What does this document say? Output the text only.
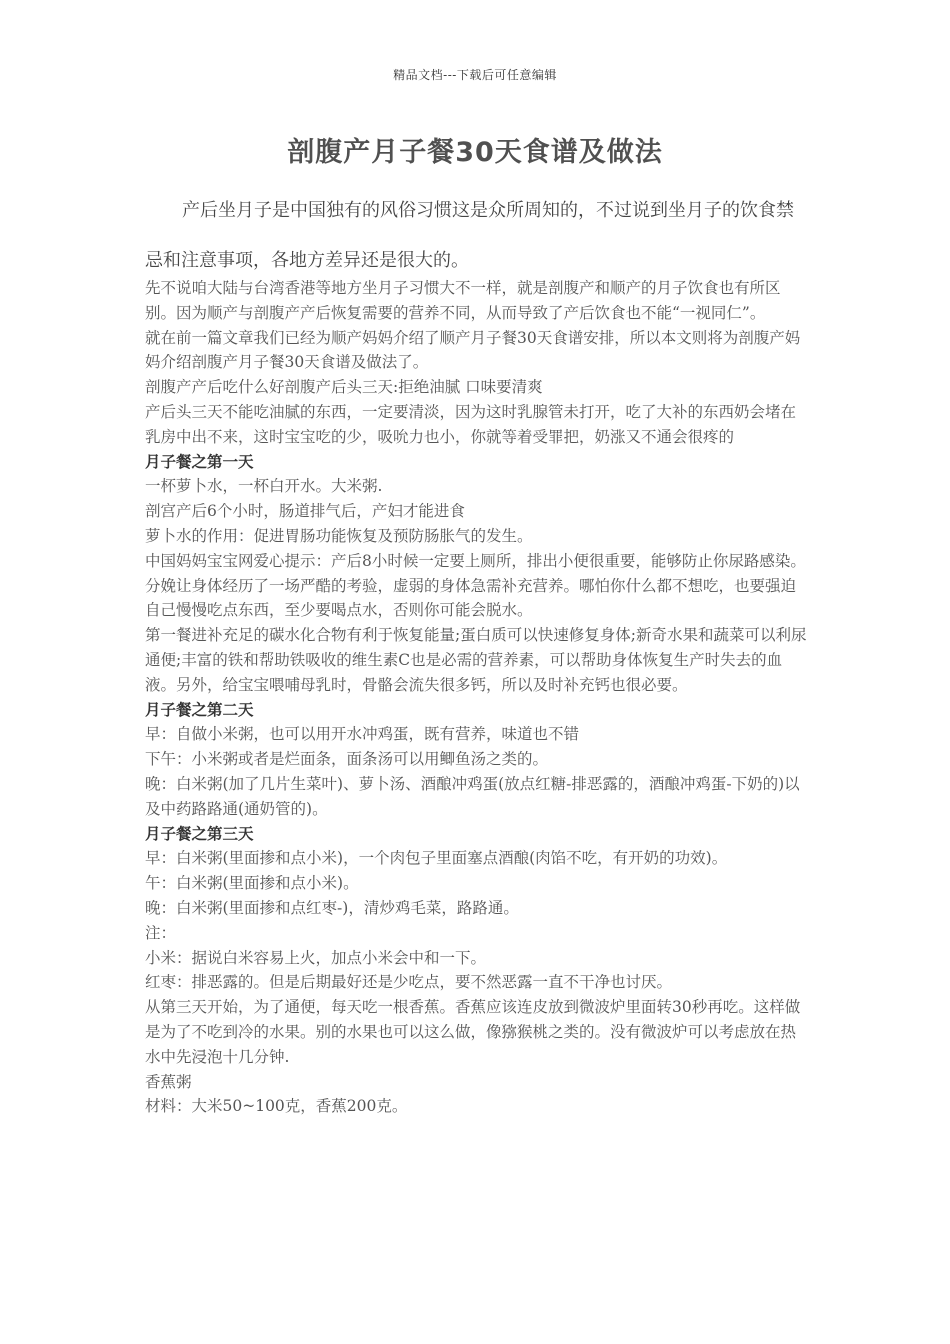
精品文档---下载后可任意编辑
剖腹产月子餐30天食谱及做法
产后坐月子是中国独有的风俗习惯这是众所周知的，不过说到坐月子的饮食禁忌和注意事项，各地方差异还是很大的。

先不说咱大陆与台湾香港等地方坐月子习惯大不一样，就是剖腹产和顺产的月子饮食也有所区别。因为顺产与剖腹产产后恢复需要的营养不同，从而导致了产后饮食也不能“一视同仁”。

就在前一篇文章我们已经为顺产妈妈介绍了顺产月子餐30天食谱安排，所以本文则将为剖腹产妈妈介绍剖腹产月子餐30天食谱及做法了。

剖腹产产后吃什么好剖腹产后头三天:拒绝油腻 口味要清爽

产后头三天不能吃油腻的东西，一定要清淡，因为这时乳腺管未打开，吃了大补的东西奶会堵在乳房中出不来，这时宝宝吃的少，吸吮力也小，你就等着受罪把，奶涨又不通会很疼的

月子餐之第一天

一杯萝卜水，一杯白开水。大米粥.

剖宫产后6个小时，肠道排气后，产妇才能进食

萝卜水的作用：促进胃肠功能恢复及预防肠胀气的发生。

中国妈妈宝宝网爱心提示：产后8小时候一定要上厕所，排出小便很重要，能够防止你尿路感染。

分娩让身体经历了一场严酷的考验，虚弱的身体急需补充营养。哪怕你什么都不想吃，也要强迫自己慢慢吃点东西，至少要喝点水，否则你可能会脱水。

第一餐进补充足的碳水化合物有利于恢复能量;蛋白质可以快速修复身体;新奇水果和蔬菜可以利尿通便;丰富的铁和帮助铁吸收的维生素C也是必需的营养素，可以帮助身体恢复生产时失去的血液。另外，给宝宝喂哺母乳时，骨骼会流失很多钙，所以及时补充钙也很必要。

月子餐之第二天

早：自做小米粥，也可以用开水冲鸡蛋，既有营养，味道也不错

下午：小米粥或者是烂面条，面条汤可以用鲫鱼汤之类的。

晚：白米粥(加了几片生菜叶)、萝卜汤、酒酿冲鸡蛋(放点红糖-排恶露的，酒酿冲鸡蛋-下奶的)以及中药路路通(通奶管的)。

月子餐之第三天

早：白米粥(里面掺和点小米)，一个肉包子里面塞点酒酿(肉馅不吃，有开奶的功效)。

午：白米粥(里面掺和点小米)。

晚：白米粥(里面掺和点红枣-)，清炒鸡毛菜，路路通。

注：

小米：据说白米容易上火，加点小米会中和一下。

红枣：排恶露的。但是后期最好还是少吃点，要不然恶露一直不干净也讨厌。

从第三天开始，为了通便，每天吃一根香蕉。香蕉应该连皮放到微波炉里面转30秒再吃。这样做是为了不吃到冷的水果。别的水果也可以这么做，像猕猴桃之类的。没有微波炉可以考虑放在热水中先浸泡十几分钟.

香蕉粥

材料：大米50~100克，香蕉200克。
